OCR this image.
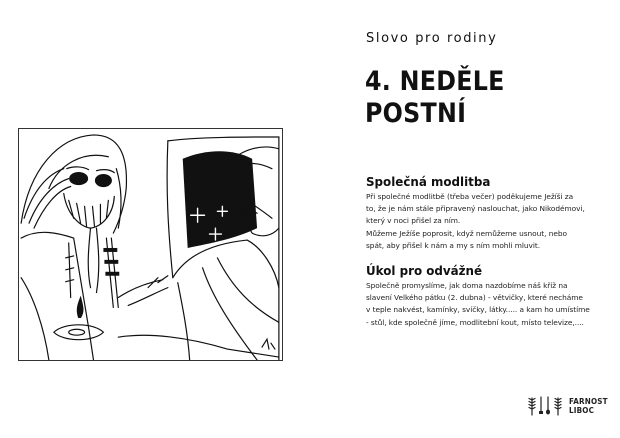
Slovo pro rodiny
4. NEDĚLE
POSTNÍ
Společná modlitba

Při společné modlitbě (třeba večer) poděkujeme Ježíši za

to, že je nám stále připravený naslouchat, jako Nikodémovi,

který v noci přišel za ním.

Můžeme Ježíše poprosit, když nemůžeme usnout, nebo

spát, aby přišel k nám a my s ním mohli mluvit.

Úkol pro odvážné

Společně promyslíme, jak doma nazdobíme náš kříž na

slavení Velkého pátku (2. dubna) - větvičky, které necháme

v teple nakvést, kamínky, svíčky, látky..... a kam ho umístíme

- stůl, kde společně jíme, modlitební kout, místo televize,....

FARNOST
LIBOC
